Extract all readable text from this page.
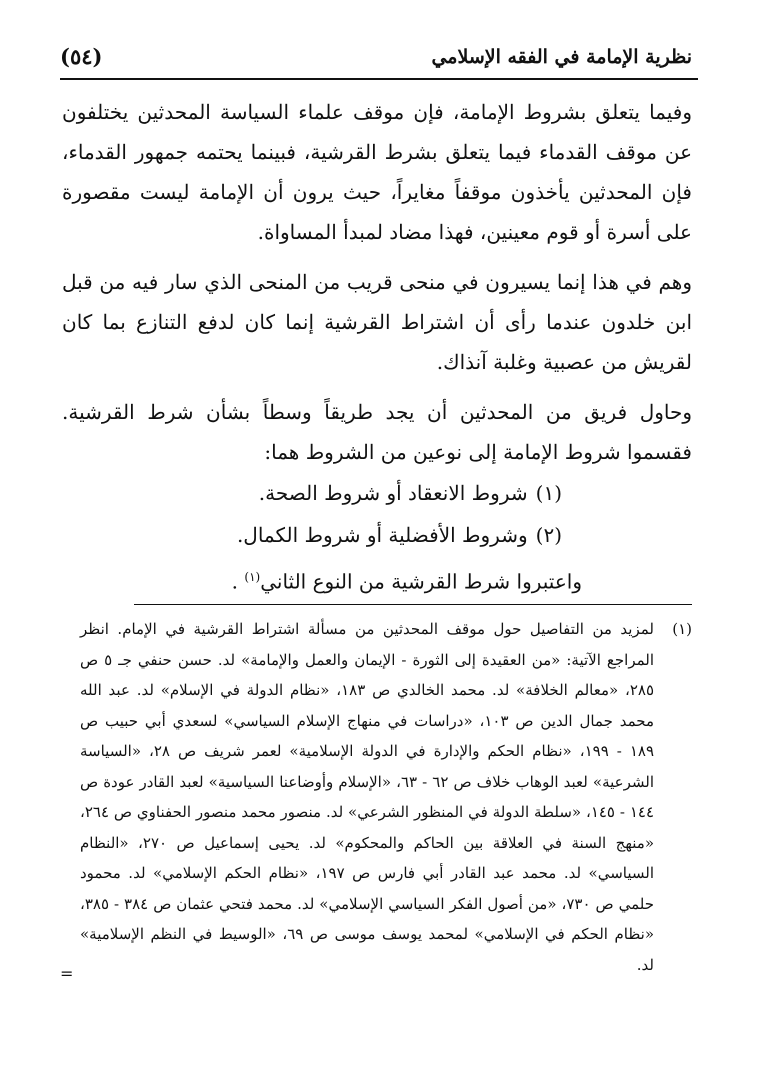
نظرية الإمامة في الفقه الإسلامي
(٥٤)

وفيما يتعلق بشروط الإمامة، فإن موقف علماء السياسة المحدثين يختلفون عن موقف القدماء فيما يتعلق بشرط القرشية، فبينما يحتمه جمهور القدماء، فإن المحدثين يأخذون موقفاً مغايراً، حيث يرون أن الإمامة ليست مقصورة على أسرة أو قوم معينين، فهذا مضاد لمبدأ المساواة.

وهم في هذا إنما يسيرون في منحى قريب من المنحى الذي سار فيه من قبل ابن خلدون عندما رأى أن اشتراط القرشية إنما كان لدفع التنازع بما كان لقريش من عصبية وغلبة آنذاك.

وحاول فريق من المحدثين أن يجد طريقاً وسطاً بشأن شرط القرشية. فقسموا شروط الإمامة إلى نوعين من الشروط هما:

(١)شروط الانعقاد أو شروط الصحة.

(٢)وشروط الأفضلية أو شروط الكمال.

واعتبروا شرط القرشية من النوع الثاني$^{(١)}$ .

(١)
لمزيد من التفاصيل حول موقف المحدثين من مسألة اشتراط القرشية في الإمام. انظر المراجع الآتية: «من العقيدة إلى الثورة - الإيمان والعمل والإمامة» لد. حسن حنفي جـ ٥ ص ٢٨٥، «معالم الخلافة» لد. محمد الخالدي ص ١٨٣، «نظام الدولة في الإسلام» لد. عبد الله محمد جمال الدين ص ١٠٣، «دراسات في منهاج الإسلام السياسي» لسعدي أبي حبيب ص ١٨٩ - ١٩٩، «نظام الحكم والإدارة في الدولة الإسلامية» لعمر شريف ص ٢٨، «السياسة الشرعية» لعبد الوهاب خلاف ص ٦٢ - ٦٣، «الإسلام وأوضاعنا السياسية» لعبد القادر عودة ص ١٤٤ - ١٤٥، «سلطة الدولة في المنظور الشرعي» لد. منصور محمد منصور الحفناوي ص ٢٦٤، «منهج السنة في العلاقة بين الحاكم والمحكوم» لد. يحيى إسماعيل ص ٢٧٠، «النظام السياسي» لد. محمد عبد القادر أبي فارس ص ١٩٧، «نظام الحكم الإسلامي» لد. محمود حلمي ص ٧٣٠، «من أصول الفكر السياسي الإسلامي» لد. محمد فتحي عثمان ص ٣٨٤ - ٣٨٥، «نظام الحكم في الإسلامي» لمحمد يوسف موسى ص ٦٩، «الوسيط في النظم الإسلامية» لد.
=
